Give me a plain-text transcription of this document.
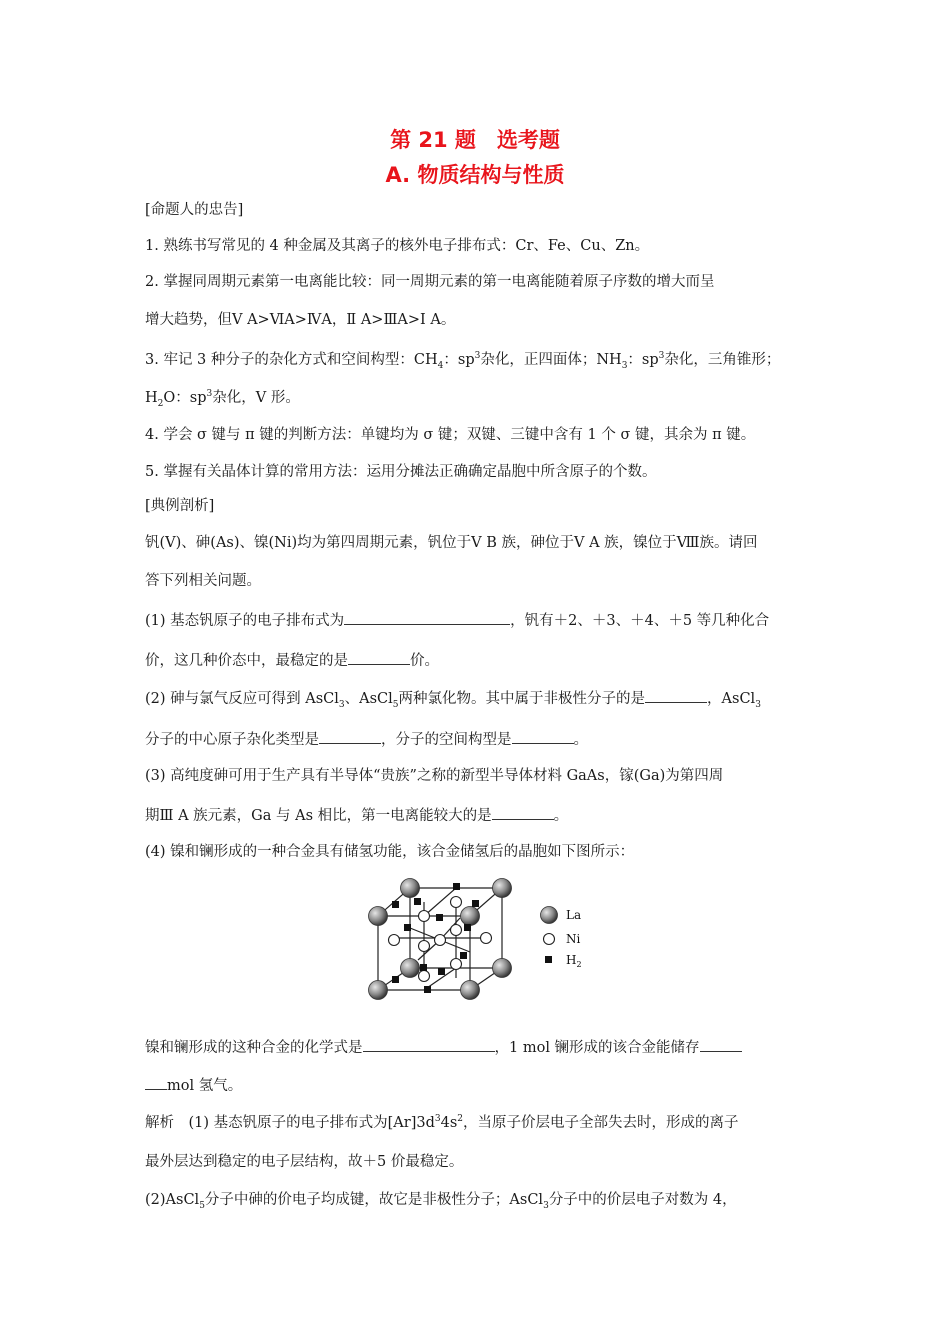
第 21 题　选考题
A. 物质结构与性质
[命题人的忠告]
1. 熟练书写常见的 4 种金属及其离子的核外电子排布式：Cr、Fe、Cu、Zn。
2. 掌握同周期元素第一电离能比较：同一周期元素的第一电离能随着原子序数的增大而呈
增大趋势，但Ⅴ A>ⅥA>ⅣA，Ⅱ A>ⅢA>Ⅰ A。
3. 牢记 3 种分子的杂化方式和空间构型：$CH_4$：$sp^3$杂化，正四面体；$NH_3$：$sp^3$杂化，三角锥形；
$H_2O$：$sp^3$杂化，V 形。
4. 学会 σ 键与 π 键的判断方法：单键均为 σ 键；双键、三键中含有 1 个 σ 键，其余为 π 键。
5. 掌握有关晶体计算的常用方法：运用分摊法正确确定晶胞中所含原子的个数。
[典例剖析]
钒(V)、砷(As)、镍(Ni)均为第四周期元素，钒位于Ⅴ B 族，砷位于Ⅴ A 族，镍位于Ⅷ族。请回
答下列相关问题。
(1) 基态钒原子的电子排布式为	，钒有＋2、＋3、＋4、＋5 等几种化合
价，这几种价态中，最稳定的是	价。
(2) 砷与氯气反应可得到 AsCl$_3$、AsCl$_5$两种氯化物。其中属于非极性分子的是	，AsCl$_3$
分子的中心原子杂化类型是	，分子的空间构型是	。
(3) 高纯度砷可用于生产具有半导体“贵族”之称的新型半导体材料 GaAs，镓(Ga)为第四周
期Ⅲ A 族元素，Ga 与 As 相比，第一电离能较大的是	。
(4) 镍和镧形成的一种合金具有储氢功能，该合金储氢后的晶胞如下图所示：
La
Ni
$H_2$
镍和镧形成的这种合金的化学式是	，1 mol 镧形成的该合金能储存
mol 氢气。
解析　(1) 基态钒原子的电子排布式为$[Ar]3d^34s^2$，当原子价层电子全部失去时，形成的离子
最外层达到稳定的电子层结构，故＋5 价最稳定。
(2)AsCl$_5$分子中砷的价电子均成键，故它是非极性分子；AsCl$_3$分子中的价层电子对数为 4，
